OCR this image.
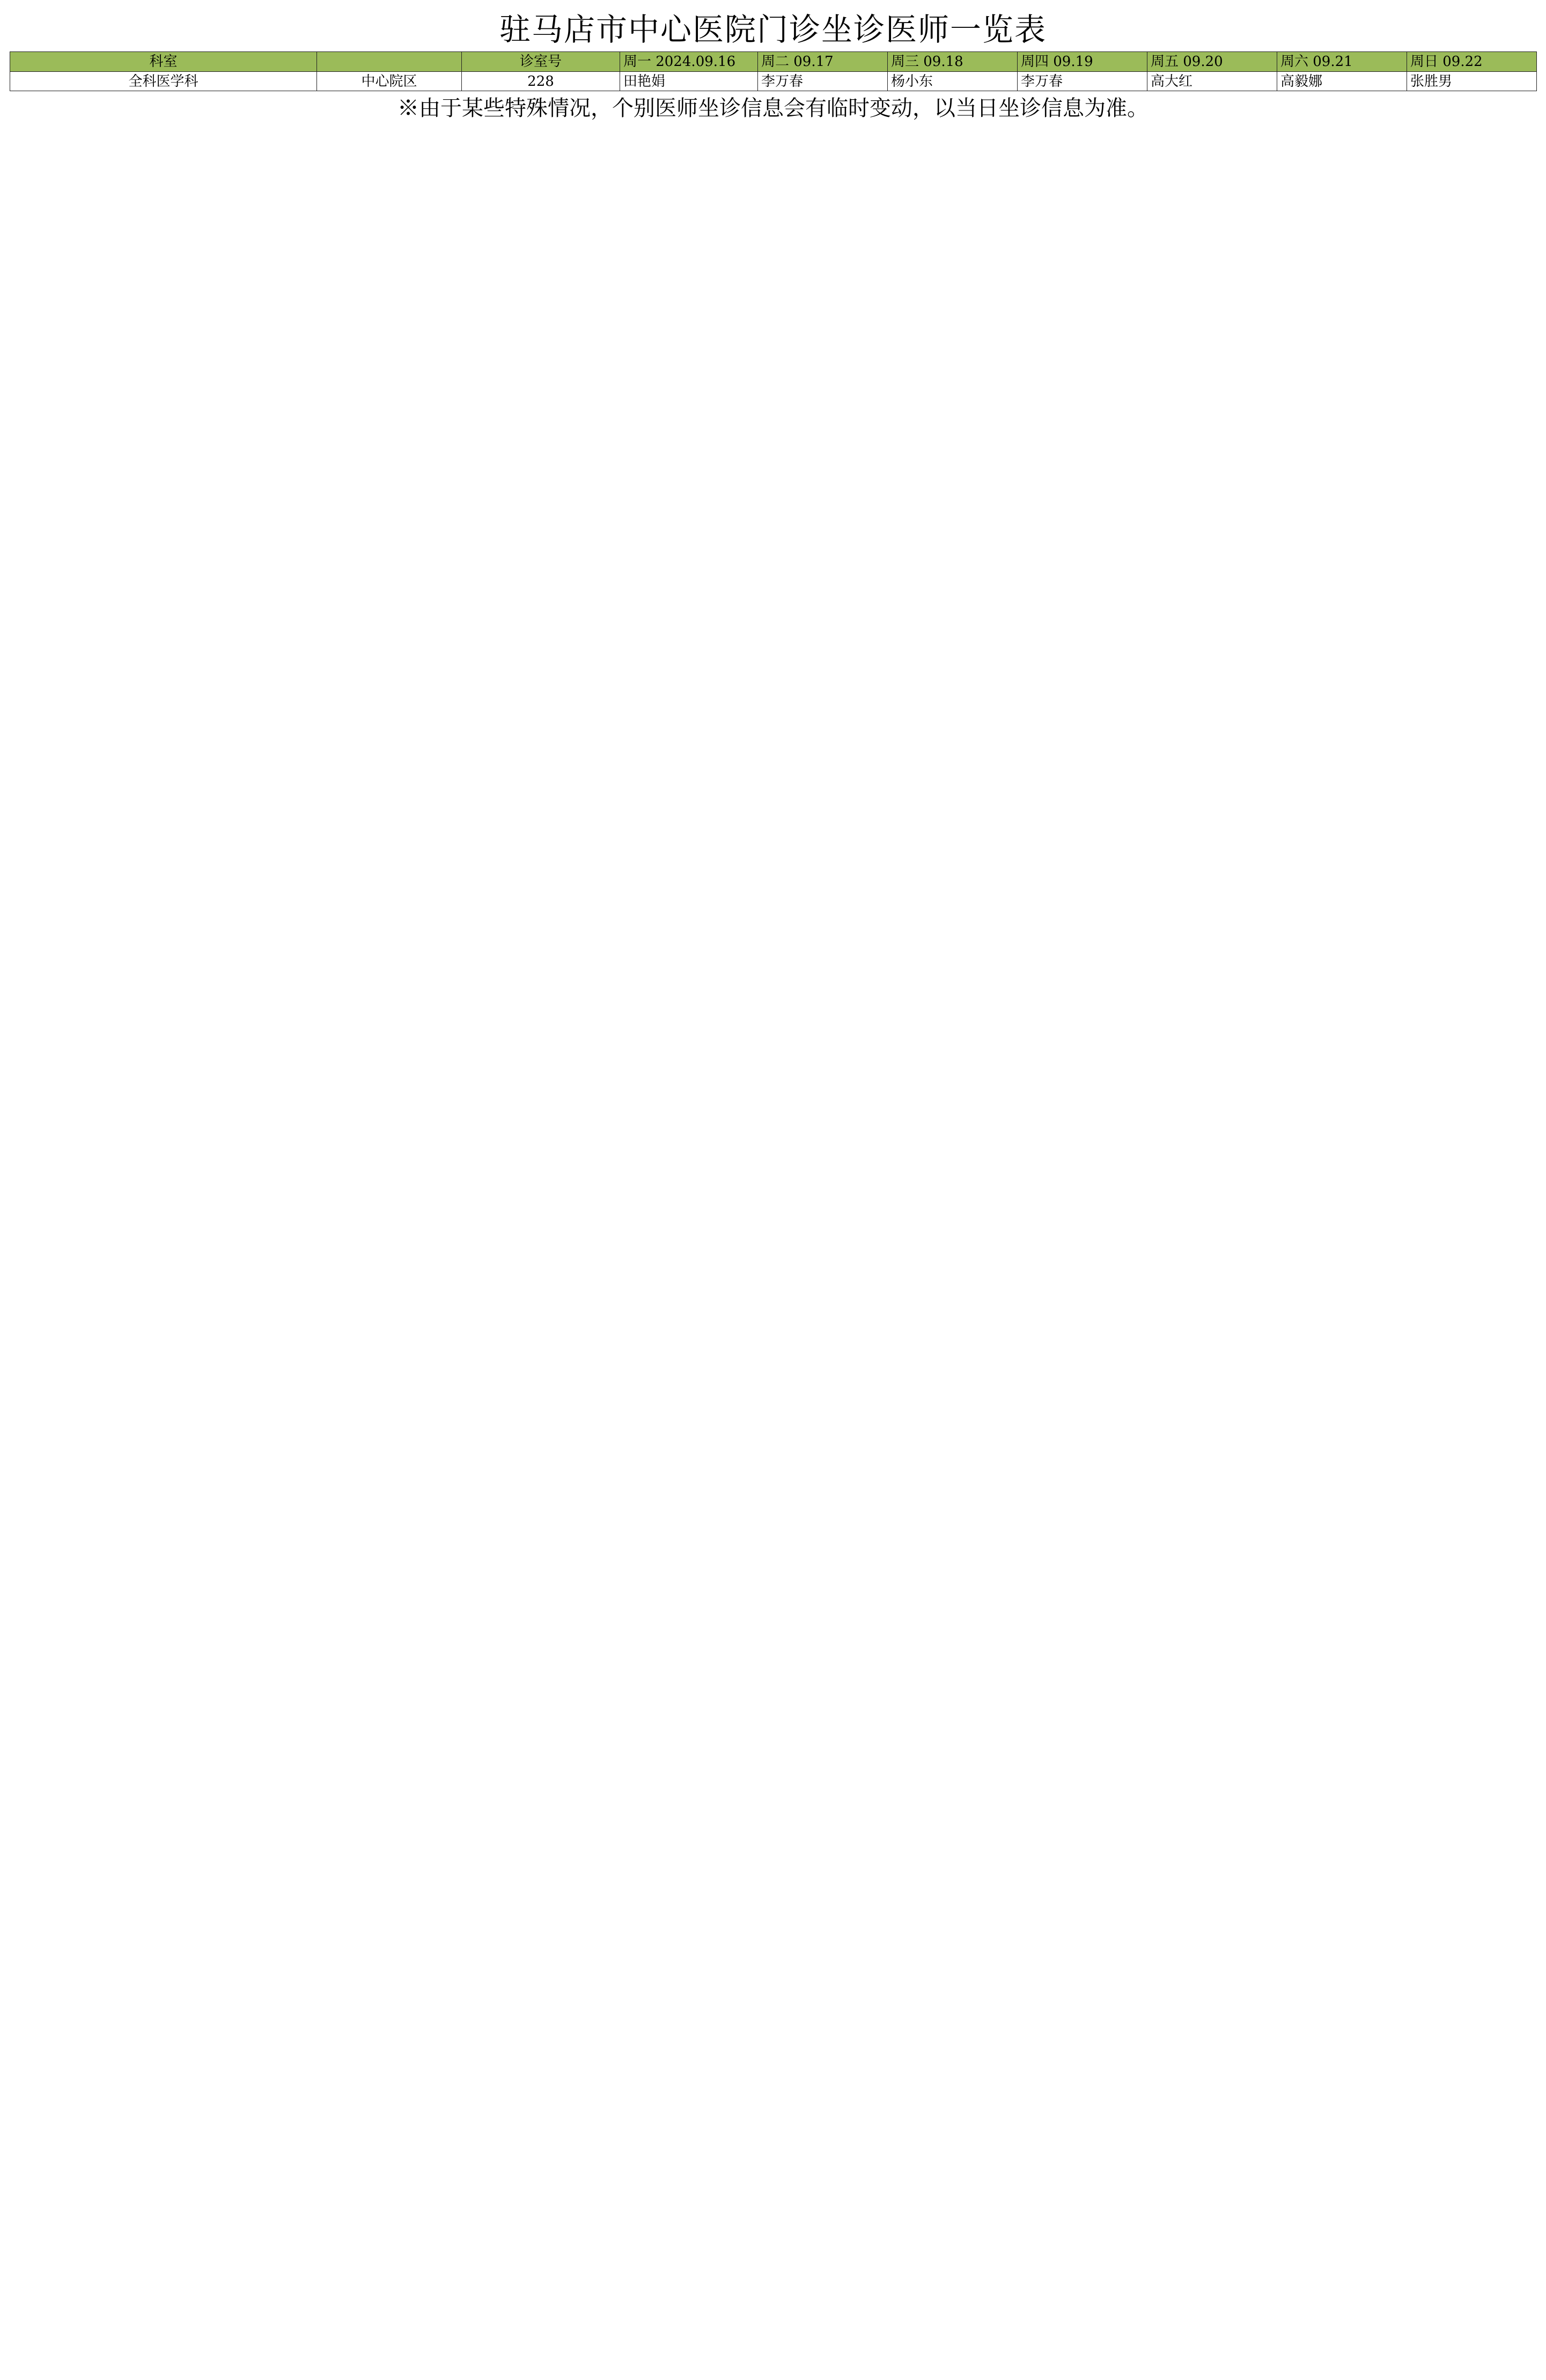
驻马店市中心医院门诊坐诊医师一览表
科室		诊室号	周一 2024.09.16	周二 09.17	周三 09.18	周四 09.19	周五 09.20	周六 09.21	周日 09.22
全科医学科	中心院区	228	田艳娟	李万春	杨小东	李万春	高大红	高毅娜	张胜男
※由于某些特殊情况，个别医师坐诊信息会有临时变动，以当日坐诊信息为准。
